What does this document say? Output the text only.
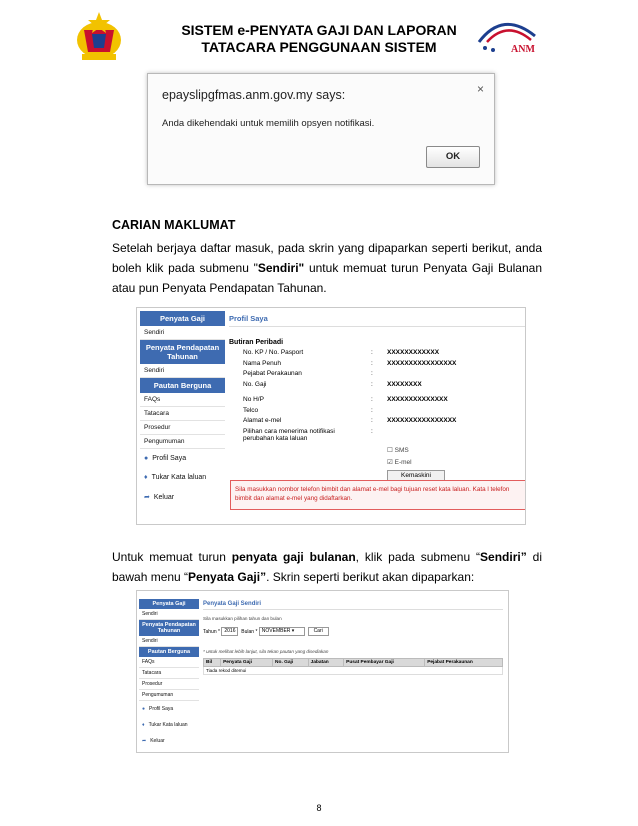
SISTEM e-PENYATA GAJI DAN LAPORAN
TATACARA PENGGUNAAN SISTEM	ANM
epayslipgfmas.anm.gov.my says:	×
Anda dikehendaki untuk memilih opsyen notifikasi.
OK
CARIAN MAKLUMAT
Setelah berjaya daftar masuk, pada skrin yang dipaparkan seperti berikut, anda boleh klik pada submenu "Sendiri" untuk memuat turun Penyata Gaji Bulanan atau pun Penyata Pendapatan Tahunan.
Penyata Gaji
Sendiri
Penyata Pendapatan Tahunan
Sendiri
Pautan Berguna
FAQs
Tatacara
Prosedur
Pengumuman
● Profil Saya
♦ Tukar Kata laluan
➦ Keluar
Profil Saya
Butiran Peribadi
No. KP / No. Pasport	: XXXXXXXXXXXX
Nama Penuh	: XXXXXXXXXXXXXXXX
Pejabat Perakaunan	:
No. Gaji	: XXXXXXXX
No H/P	: XXXXXXXXXXXXXX
Telco	:
Alamat e-mel	: XXXXXXXXXXXXXXXX
Pilihan cara menerima notifikasi perubahan kata laluan
:
☐ SMS
☑ E-mel
Kemaskini
Sila masukkan nombor telefon bimbit dan alamat e-mel bagi tujuan reset kata laluan. Kata l telefon bimbit dan alamat e-mel yang didaftarkan.
Untuk memuat turun penyata gaji bulanan, klik pada submenu “Sendiri” di bawah menu “Penyata Gaji”. Skrin seperti berikut akan dipaparkan:
Penyata Gaji
Sendiri
Penyata Pendapatan Tahunan
Sendiri
Pautan Berguna
FAQs
Tatacara
Prosedur
Pengumuman
● Profil Saya
♦ Tukar Kata laluan
➦ Keluar
Penyata Gaji Sendiri
Sila masukkan pilihan tahun dan bulan
Tahun * 2016 Bulan * NOVEMBER ▾	Cari
* untuk melihat lebih lanjut, sila tekan pautan yang disediakan
Bil	Penyata Gaji	No. Gaji	Jabatan	Pusat Pembayar Gaji	Pejabat Perakaunan
Tiada rekod ditemui
8
